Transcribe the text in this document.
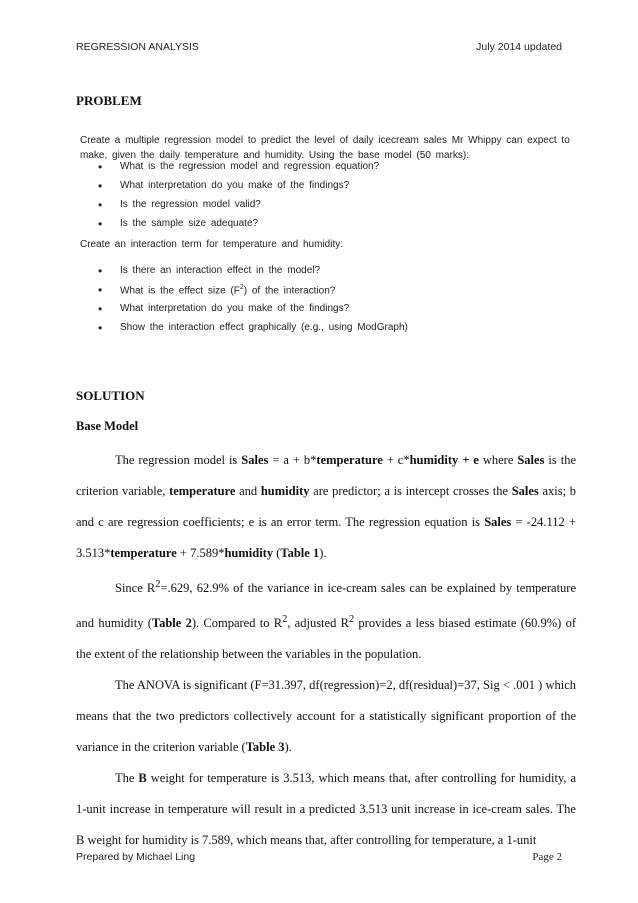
REGRESSION ANALYSIS	July 2014 updated
PROBLEM
Create a multiple regression model to predict the level of daily icecream sales Mr Whippy can expect to make, given the daily temperature and humidity. Using the base model (50 marks):
• What is the regression model and regression equation?
• What interpretation do you make of the findings?
• Is the regression model valid?
• Is the sample size adequate?
Create an interaction term for temperature and humidity:
• Is there an interaction effect in the model?
• What is the effect size $(F^2)$ of the interaction?
• What interpretation do you make of the findings?
• Show the interaction effect graphically (e.g., using ModGraph)
SOLUTION
Base Model

The regression model is Sales = a + b*temperature + c*humidity + e where Sales is the criterion variable, temperature and humidity are predictor; a is intercept crosses the Sales axis; b and c are regression coefficients; e is an error term. The regression equation is Sales = -24.112 + 3.513*temperature + 7.589*humidity (Table 1).

Since $R^2=.629$, 62.9% of the variance in ice-cream sales can be explained by temperature and humidity (Table 2). Compared to $R^2$, adjusted $R^2$ provides a less biased estimate (60.9%) of the extent of the relationship between the variables in the population.

The ANOVA is significant (F=31.397, df(regression)=2, df(residual)=37, Sig < .001 ) which means that the two predictors collectively account for a statistically significant proportion of the variance in the criterion variable (Table 3).

The B weight for temperature is 3.513, which means that, after controlling for humidity, a 1-unit increase in temperature will result in a predicted 3.513 unit increase in ice-cream sales. The B weight for humidity is 7.589, which means that, after controlling for temperature, a 1-unit

Prepared by Michael Ling	Page 2
